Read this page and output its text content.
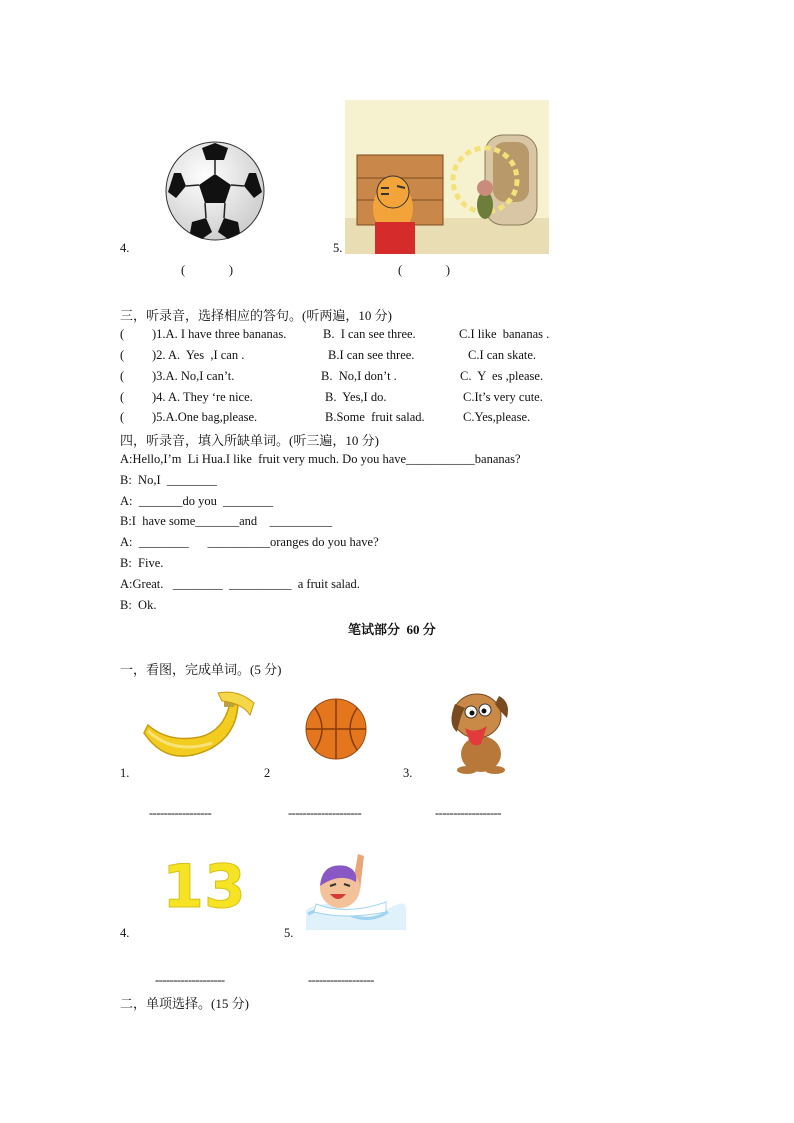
4.	5.
(              )	(              )
三，听录音，选择相应的答句。(听两遍，10 分)
( )1.A. I have three bananas.	B.  I can see three.	C.I like  bananas .
( )2. A.  Yes  ,I can .	B.I can see three.	C.I can skate.
( )3.A. No,I can’t.	B.  No,I don’t .	C.  Y  es ,please.
( )4. A. They ‘re nice.	B.  Yes,I do.	C.It’s very cute.
( )5.A.One bag,please.	B.Some  fruit salad.	C.Yes,please.
四，听录音，填入所缺单词。(听三遍，10 分)
A:Hello,I’m  Li Hua.I like  fruit very much. Do you have___________bananas?
B:  No,I  ________
A:  _______do you  ________
B:I  have some_______and    __________
A:  ________      __________oranges do you have?
B:  Five.
A:Great.   ________  __________  a fruit salad.
B:  Ok.
笔试部分  60 分
一，看图，完成单词。(5 分)
1.	2	3.
-----------------	--------------------	------------------
13
4.	5.
-------------------	------------------
二，单项选择。(15 分)
